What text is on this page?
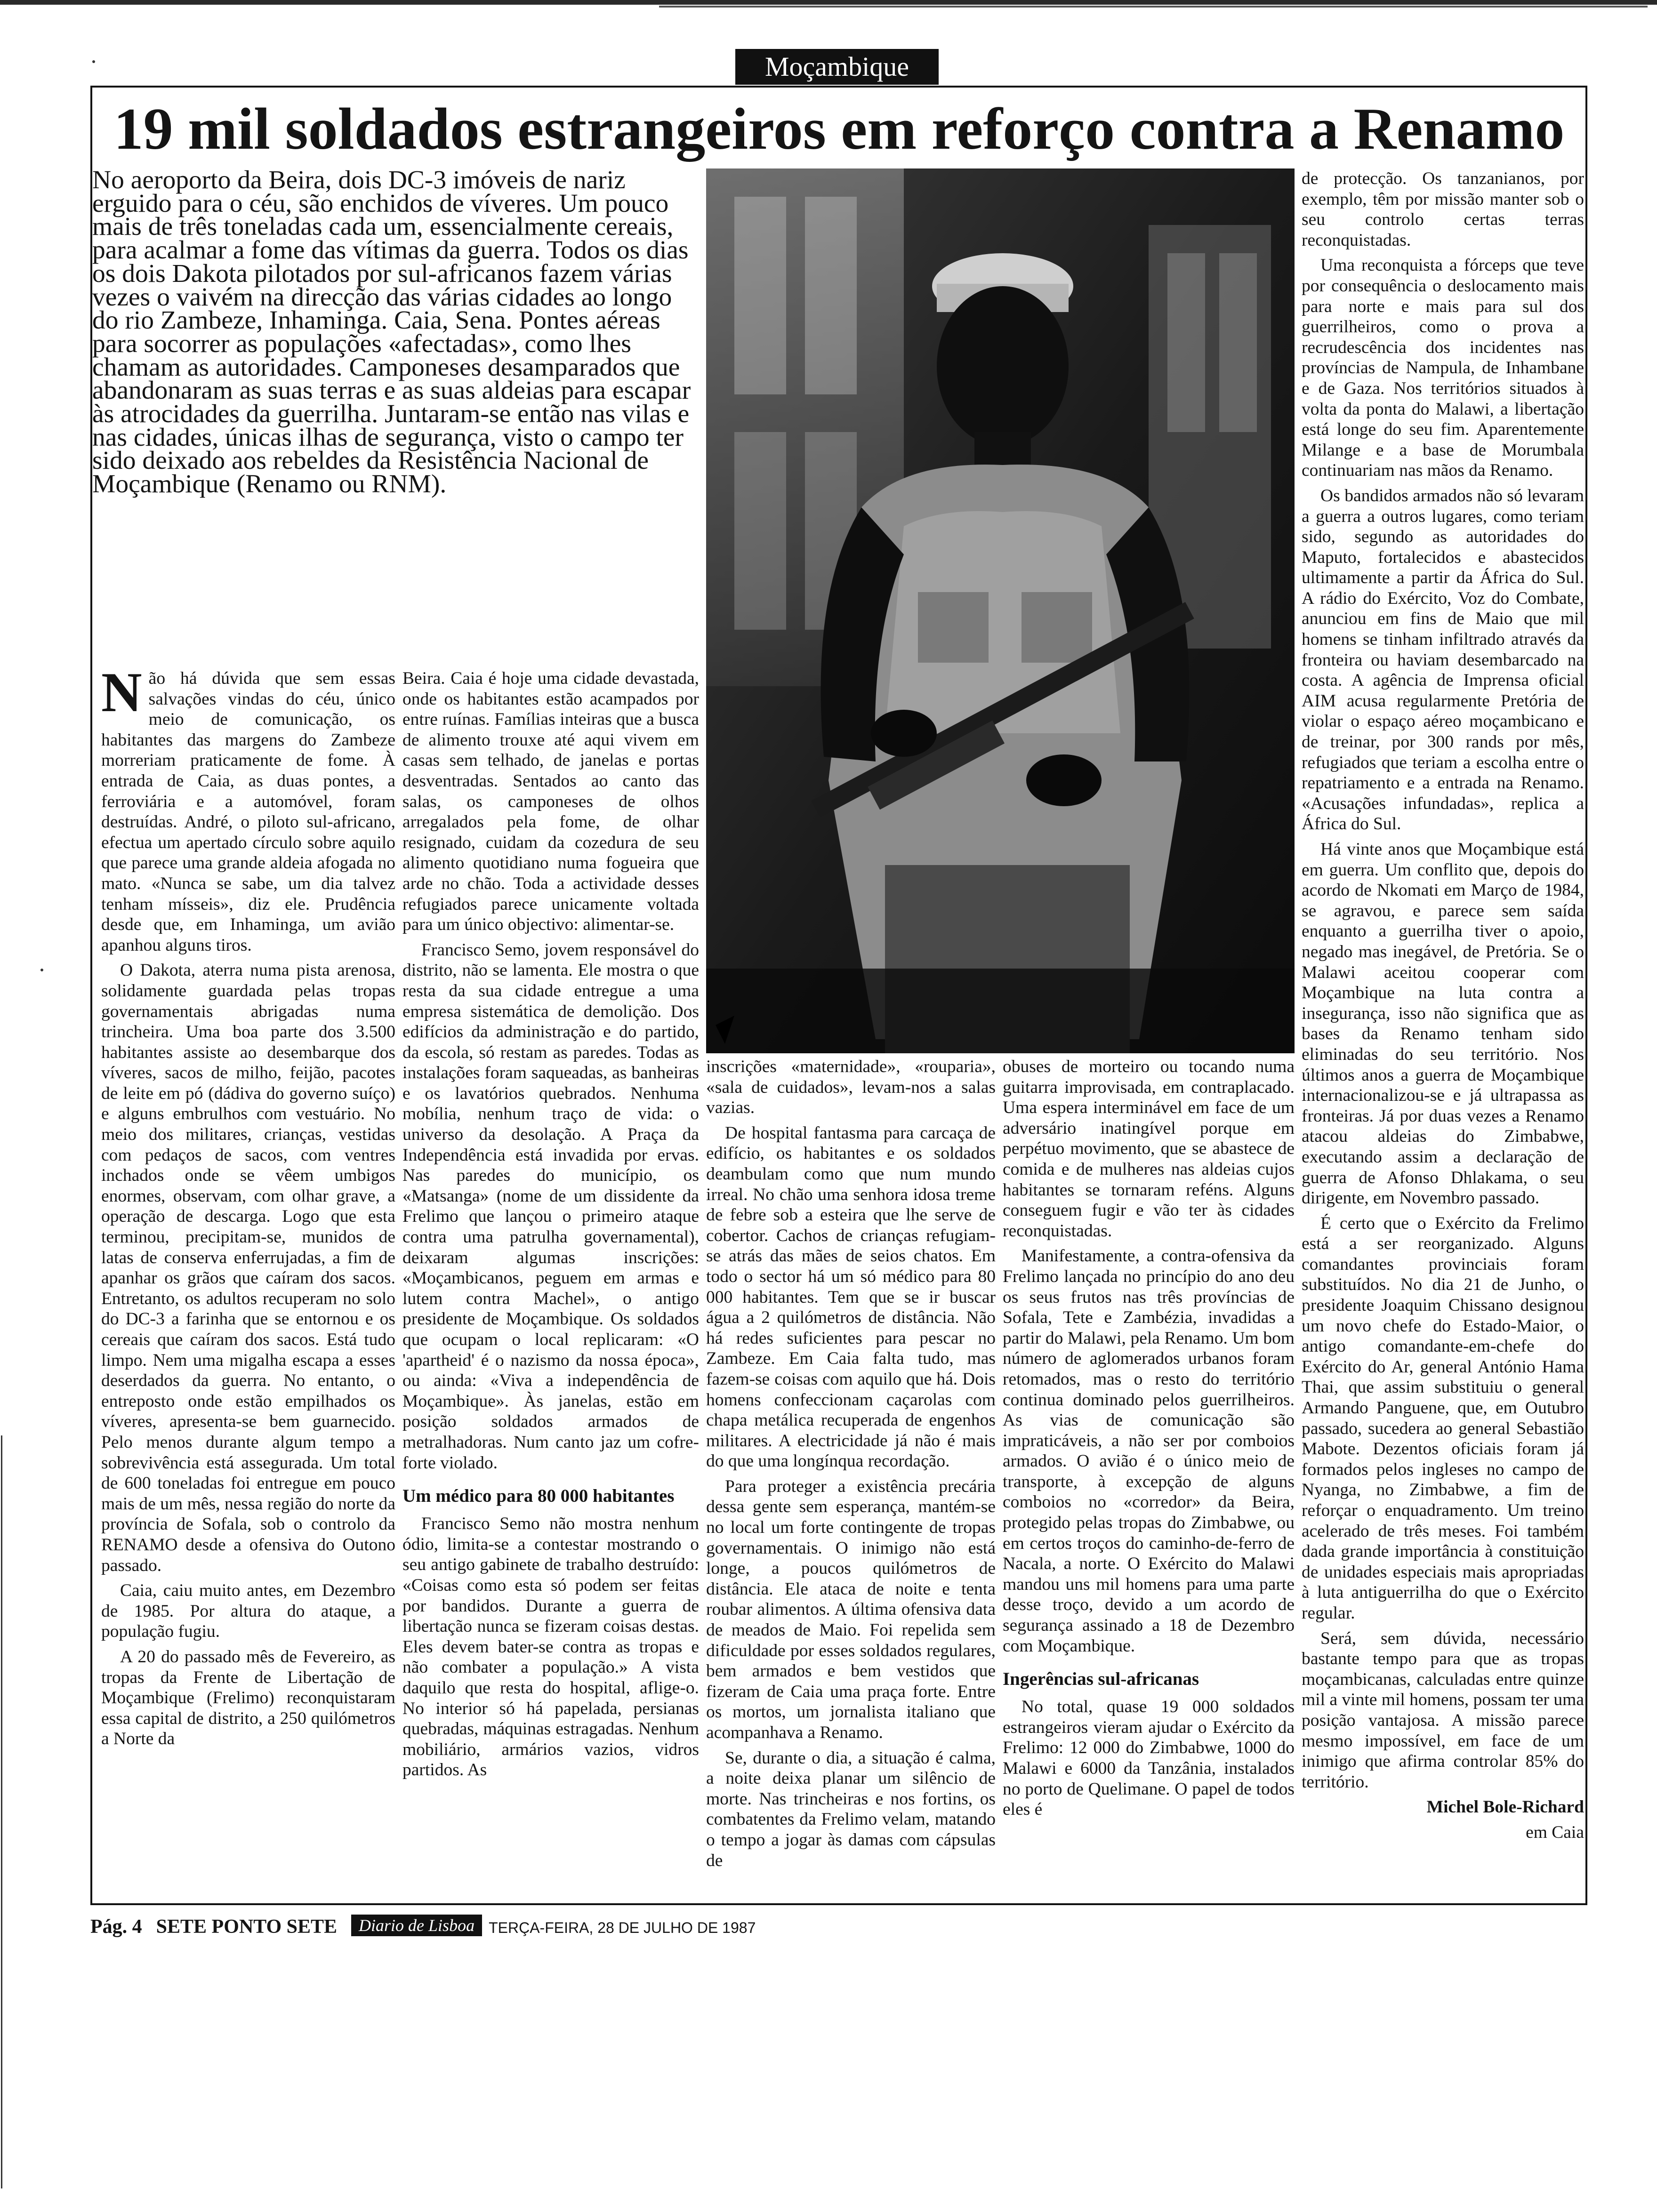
Moçambique
19 mil soldados estrangeiros em reforço contra a Renamo

No aeroporto da Beira, dois DC-3 imóveis de nariz erguido para o céu, são enchidos de víveres. Um pouco mais de três toneladas cada um, essencialmente cereais, para acalmar a fome das vítimas da guerra. Todos os dias os dois Dakota pilotados por sul-africanos fazem várias vezes o vaivém na direcção das várias cidades ao longo do rio Zambeze, Inhaminga. Caia, Sena. Pontes aéreas para socorrer as populações «afectadas», como lhes chamam as autoridades. Camponeses desamparados que abandonaram as suas terras e as suas aldeias para escapar às atrocidades da guerrilha. Juntaram-se então nas vilas e nas cidades, únicas ilhas de segurança, visto o campo ter sido deixado aos rebeldes da Resistência Nacional de Moçambique (Renamo ou RNM).

Não há dúvida que sem essas salvações vindas do céu, único meio de comunicação, os habitantes das margens do Zambeze morreriam praticamente de fome. À entrada de Caia, as duas pontes, a ferroviária e a automóvel, foram destruídas. André, o piloto sul-africano, efectua um apertado círculo sobre aquilo que parece uma grande aldeia afogada no mato. «Nunca se sabe, um dia talvez tenham mísseis», diz ele. Prudência desde que, em Inhaminga, um avião apanhou alguns tiros.

O Dakota, aterra numa pista arenosa, solidamente guardada pelas tropas governamentais abrigadas numa trincheira. Uma boa parte dos 3.500 habitantes assiste ao desembarque dos víveres, sacos de milho, feijão, pacotes de leite em pó (dádiva do governo suíço) e alguns embrulhos com vestuário. No meio dos militares, crianças, vestidas com pedaços de sacos, com ventres inchados onde se vêem umbigos enormes, observam, com olhar grave, a operação de descarga. Logo que esta terminou, precipitam-se, munidos de latas de conserva enferrujadas, a fim de apanhar os grãos que caíram dos sacos. Entretanto, os adultos recuperam no solo do DC-3 a farinha que se entornou e os cereais que caíram dos sacos. Está tudo limpo. Nem uma migalha escapa a esses deserdados da guerra. No entanto, o entreposto onde estão empilhados os víveres, apresenta-se bem guarnecido. Pelo menos durante algum tempo a sobrevivência está assegurada. Um total de 600 toneladas foi entregue em pouco mais de um mês, nessa região do norte da província de Sofala, sob o controlo da RENAMO desde a ofensiva do Outono passado.

Caia, caiu muito antes, em Dezembro de 1985. Por altura do ataque, a população fugiu.

A 20 do passado mês de Fevereiro, as tropas da Frente de Libertação de Moçambique (Frelimo) reconquistaram essa capital de distrito, a 250 quilómetros a Norte da

Beira. Caia é hoje uma cidade devastada, onde os habitantes estão acampados por entre ruínas. Famílias inteiras que a busca de alimento trouxe até aqui vivem em casas sem telhado, de janelas e portas desventradas. Sentados ao canto das salas, os camponeses de olhos arregalados pela fome, de olhar resignado, cuidam da cozedura de seu alimento quotidiano numa fogueira que arde no chão. Toda a actividade desses refugiados parece unicamente voltada para um único objectivo: alimentar-se.

Francisco Semo, jovem responsável do distrito, não se lamenta. Ele mostra o que resta da sua cidade entregue a uma empresa sistemática de demolição. Dos edifícios da administração e do partido, da escola, só restam as paredes. Todas as instalações foram saqueadas, as banheiras e os lavatórios quebrados. Nenhuma mobília, nenhum traço de vida: o universo da desolação. A Praça da Independência está invadida por ervas. Nas paredes do município, os «Matsanga» (nome de um dissidente da Frelimo que lançou o primeiro ataque contra uma patrulha governamental), deixaram algumas inscrições: «Moçambicanos, peguem em armas e lutem contra Machel», o antigo presidente de Moçambique. Os soldados que ocupam o local replicaram: «O 'apartheid' é o nazismo da nossa época», ou ainda: «Viva a independência de Moçambique». Às janelas, estão em posição soldados armados de metralhadoras. Num canto jaz um cofre-forte violado.

Um médico para 80 000 habitantes

Francisco Semo não mostra nenhum ódio, limita-se a contestar mostrando o seu antigo gabinete de trabalho destruído: «Coisas como esta só podem ser feitas por bandidos. Durante a guerra de libertação nunca se fizeram coisas destas. Eles devem bater-se contra as tropas e não combater a população.» A vista daquilo que resta do hospital, aflige-o. No interior só há papelada, persianas quebradas, máquinas estragadas. Nenhum mobiliário, armários vazios, vidros partidos. As

inscrições «maternidade», «rouparia», «sala de cuidados», levam-nos a salas vazias.

De hospital fantasma para carcaça de edifício, os habitantes e os soldados deambulam como que num mundo irreal. No chão uma senhora idosa treme de febre sob a esteira que lhe serve de cobertor. Cachos de crianças refugiam-se atrás das mães de seios chatos. Em todo o sector há um só médico para 80 000 habitantes. Tem que se ir buscar água a 2 quilómetros de distância. Não há redes suficientes para pescar no Zambeze. Em Caia falta tudo, mas fazem-se coisas com aquilo que há. Dois homens confeccionam caçarolas com chapa metálica recuperada de engenhos militares. A electricidade já não é mais do que uma longínqua recordação.

Para proteger a existência precária dessa gente sem esperança, mantém-se no local um forte contingente de tropas governamentais. O inimigo não está longe, a poucos quilómetros de distância. Ele ataca de noite e tenta roubar alimentos. A última ofensiva data de meados de Maio. Foi repelida sem dificuldade por esses soldados regulares, bem armados e bem vestidos que fizeram de Caia uma praça forte. Entre os mortos, um jornalista italiano que acompanhava a Renamo.

Se, durante o dia, a situação é calma, a noite deixa planar um silêncio de morte. Nas trincheiras e nos fortins, os combatentes da Frelimo velam, matando o tempo a jogar às damas com cápsulas de

obuses de morteiro ou tocando numa guitarra improvisada, em contraplacado. Uma espera interminável em face de um adversário inatingível porque em perpétuo movimento, que se abastece de comida e de mulheres nas aldeias cujos habitantes se tornaram reféns. Alguns conseguem fugir e vão ter às cidades reconquistadas.

Manifestamente, a contra-ofensiva da Frelimo lançada no princípio do ano deu os seus frutos nas três províncias de Sofala, Tete e Zambézia, invadidas a partir do Malawi, pela Renamo. Um bom número de aglomerados urbanos foram retomados, mas o resto do território continua dominado pelos guerrilheiros. As vias de comunicação são impraticáveis, a não ser por comboios armados. O avião é o único meio de transporte, à excepção de alguns comboios no «corredor» da Beira, protegido pelas tropas do Zimbabwe, ou em certos troços do caminho-de-ferro de Nacala, a norte. O Exército do Malawi mandou uns mil homens para uma parte desse troço, devido a um acordo de segurança assinado a 18 de Dezembro com Moçambique.

Ingerências sul-africanas

No total, quase 19 000 soldados estrangeiros vieram ajudar o Exército da Frelimo: 12 000 do Zimbabwe, 1000 do Malawi e 6000 da Tanzânia, instalados no porto de Quelimane. O papel de todos eles é

de protecção. Os tanzanianos, por exemplo, têm por missão manter sob o seu controlo certas terras reconquistadas.

Uma reconquista a fórceps que teve por consequência o deslocamento mais para norte e mais para sul dos guerrilheiros, como o prova a recrudescência dos incidentes nas províncias de Nampula, de Inhambane e de Gaza. Nos territórios situados à volta da ponta do Malawi, a libertação está longe do seu fim. Aparentemente Milange e a base de Morumbala continuariam nas mãos da Renamo.

Os bandidos armados não só levaram a guerra a outros lugares, como teriam sido, segundo as autoridades do Maputo, fortalecidos e abastecidos ultimamente a partir da África do Sul. A rádio do Exército, Voz do Combate, anunciou em fins de Maio que mil homens se tinham infiltrado através da fronteira ou haviam desembarcado na costa. A agência de Imprensa oficial AIM acusa regularmente Pretória de violar o espaço aéreo moçambicano e de treinar, por 300 rands por mês, refugiados que teriam a escolha entre o repatriamento e a entrada na Renamo. «Acusações infundadas», replica a África do Sul.

Há vinte anos que Moçambique está em guerra. Um conflito que, depois do acordo de Nkomati em Março de 1984, se agravou, e parece sem saída enquanto a guerrilha tiver o apoio, negado mas inegável, de Pretória. Se o Malawi aceitou cooperar com Moçambique na luta contra a insegurança, isso não significa que as bases da Renamo tenham sido eliminadas do seu território. Nos últimos anos a guerra de Moçambique internacionalizou-se e já ultrapassa as fronteiras. Já por duas vezes a Renamo atacou aldeias do Zimbabwe, executando assim a declaração de guerra de Afonso Dhlakama, o seu dirigente, em Novembro passado.

É certo que o Exército da Frelimo está a ser reorganizado. Alguns comandantes provinciais foram substituídos. No dia 21 de Junho, o presidente Joaquim Chissano designou um novo chefe do Estado-Maior, o antigo comandante-em-chefe do Exército do Ar, general António Hama Thai, que assim substituiu o general Armando Panguene, que, em Outubro passado, sucedera ao general Sebastião Mabote. Dezentos oficiais foram já formados pelos ingleses no campo de Nyanga, no Zimbabwe, a fim de reforçar o enquadramento. Um treino acelerado de três meses. Foi também dada grande importância à constituição de unidades especiais mais apropriadas à luta antiguerrilha do que o Exército regular.

Será, sem dúvida, necessário bastante tempo para que as tropas moçambicanas, calculadas entre quinze mil a vinte mil homens, possam ter uma posição vantajosa. A missão parece mesmo impossível, em face de um inimigo que afirma controlar 85% do território.

Michel Bole-Richard

em Caia

Pág. 4 SETE PONTO SETE Diario de Lisboa TERÇA-FEIRA, 28 DE JULHO DE 1987
